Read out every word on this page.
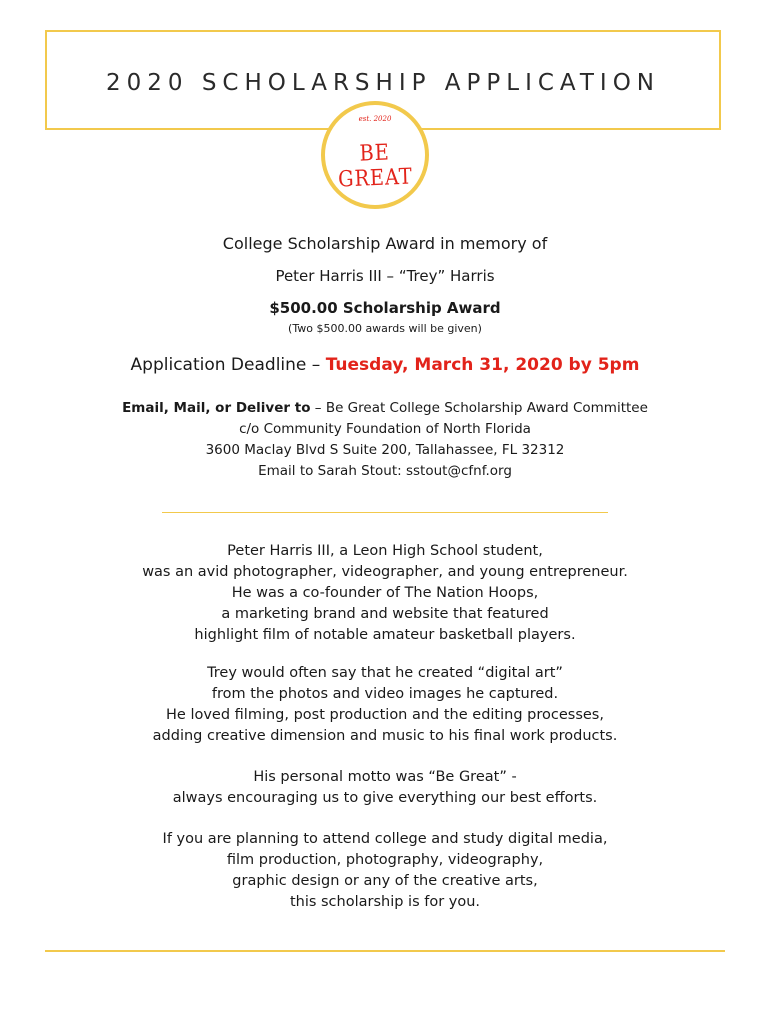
2020 SCHOLARSHIP APPLICATION
est. 2020
BE GREAT

College Scholarship Award in memory of

Peter Harris III – “Trey” Harris

$500.00 Scholarship Award

(Two $500.00 awards will be given)

Application Deadline – Tuesday, March 31, 2020 by 5pm

Email, Mail, or Deliver to – Be Great College Scholarship Award Committee
c/o Community Foundation of North Florida
3600 Maclay Blvd S Suite 200, Tallahassee, FL 32312
Email to Sarah Stout: sstout@cfnf.org
Peter Harris III, a Leon High School student,
was an avid photographer, videographer, and young entrepreneur.
He was a co-founder of The Nation Hoops,
a marketing brand and website that featured
highlight film of notable amateur basketball players.
Trey would often say that he created “digital art”
from the photos and video images he captured.
He loved filming, post production and the editing processes,
adding creative dimension and music to his final work products.
His personal motto was “Be Great” -
always encouraging us to give everything our best efforts.
If you are planning to attend college and study digital media,
film production, photography, videography,
graphic design or any of the creative arts,
this scholarship is for you.
